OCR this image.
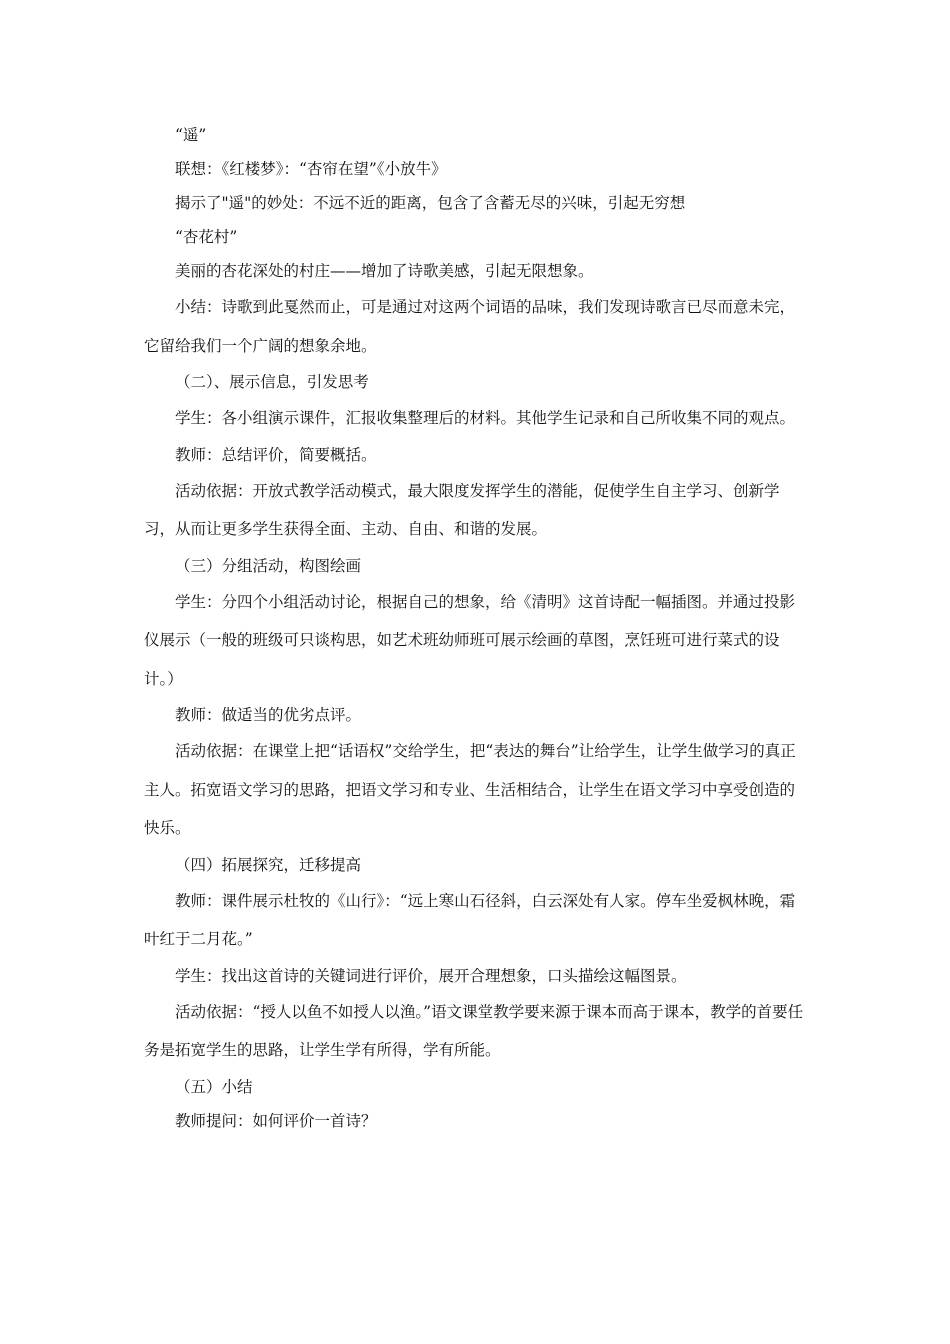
“遥”

联想：《红楼梦》：“杏帘在望”《小放牛》

揭示了"遥"的妙处：不远不近的距离，包含了含蓄无尽的兴味，引起无穷想

“杏花村”

美丽的杏花深处的村庄——增加了诗歌美感，引起无限想象。

小结：诗歌到此戛然而止，可是通过对这两个词语的品味，我们发现诗歌言已尽而意未完，它留给我们一个广阔的想象余地。

（二）、展示信息，引发思考

学生：各小组演示课件，汇报收集整理后的材料。其他学生记录和自己所收集不同的观点。

教师：总结评价，简要概括。

活动依据：开放式教学活动模式，最大限度发挥学生的潜能，促使学生自主学习、创新学习，从而让更多学生获得全面、主动、自由、和谐的发展。

（三）分组活动，构图绘画

学生：分四个小组活动讨论，根据自己的想象，给《清明》这首诗配一幅插图。并通过投影仪展示（一般的班级可只谈构思，如艺术班幼师班可展示绘画的草图，烹饪班可进行菜式的设计。）

教师：做适当的优劣点评。

活动依据：在课堂上把“话语权”交给学生，把“表达的舞台”让给学生，让学生做学习的真正主人。拓宽语文学习的思路，把语文学习和专业、生活相结合，让学生在语文学习中享受创造的快乐。

（四）拓展探究，迁移提高

教师：课件展示杜牧的《山行》：“远上寒山石径斜，白云深处有人家。停车坐爱枫林晚，霜叶红于二月花。”

学生：找出这首诗的关键词进行评价，展开合理想象，口头描绘这幅图景。

活动依据：“授人以鱼不如授人以渔。”语文课堂教学要来源于课本而高于课本，教学的首要任务是拓宽学生的思路，让学生学有所得，学有所能。

（五）小结

教师提问：如何评价一首诗？
